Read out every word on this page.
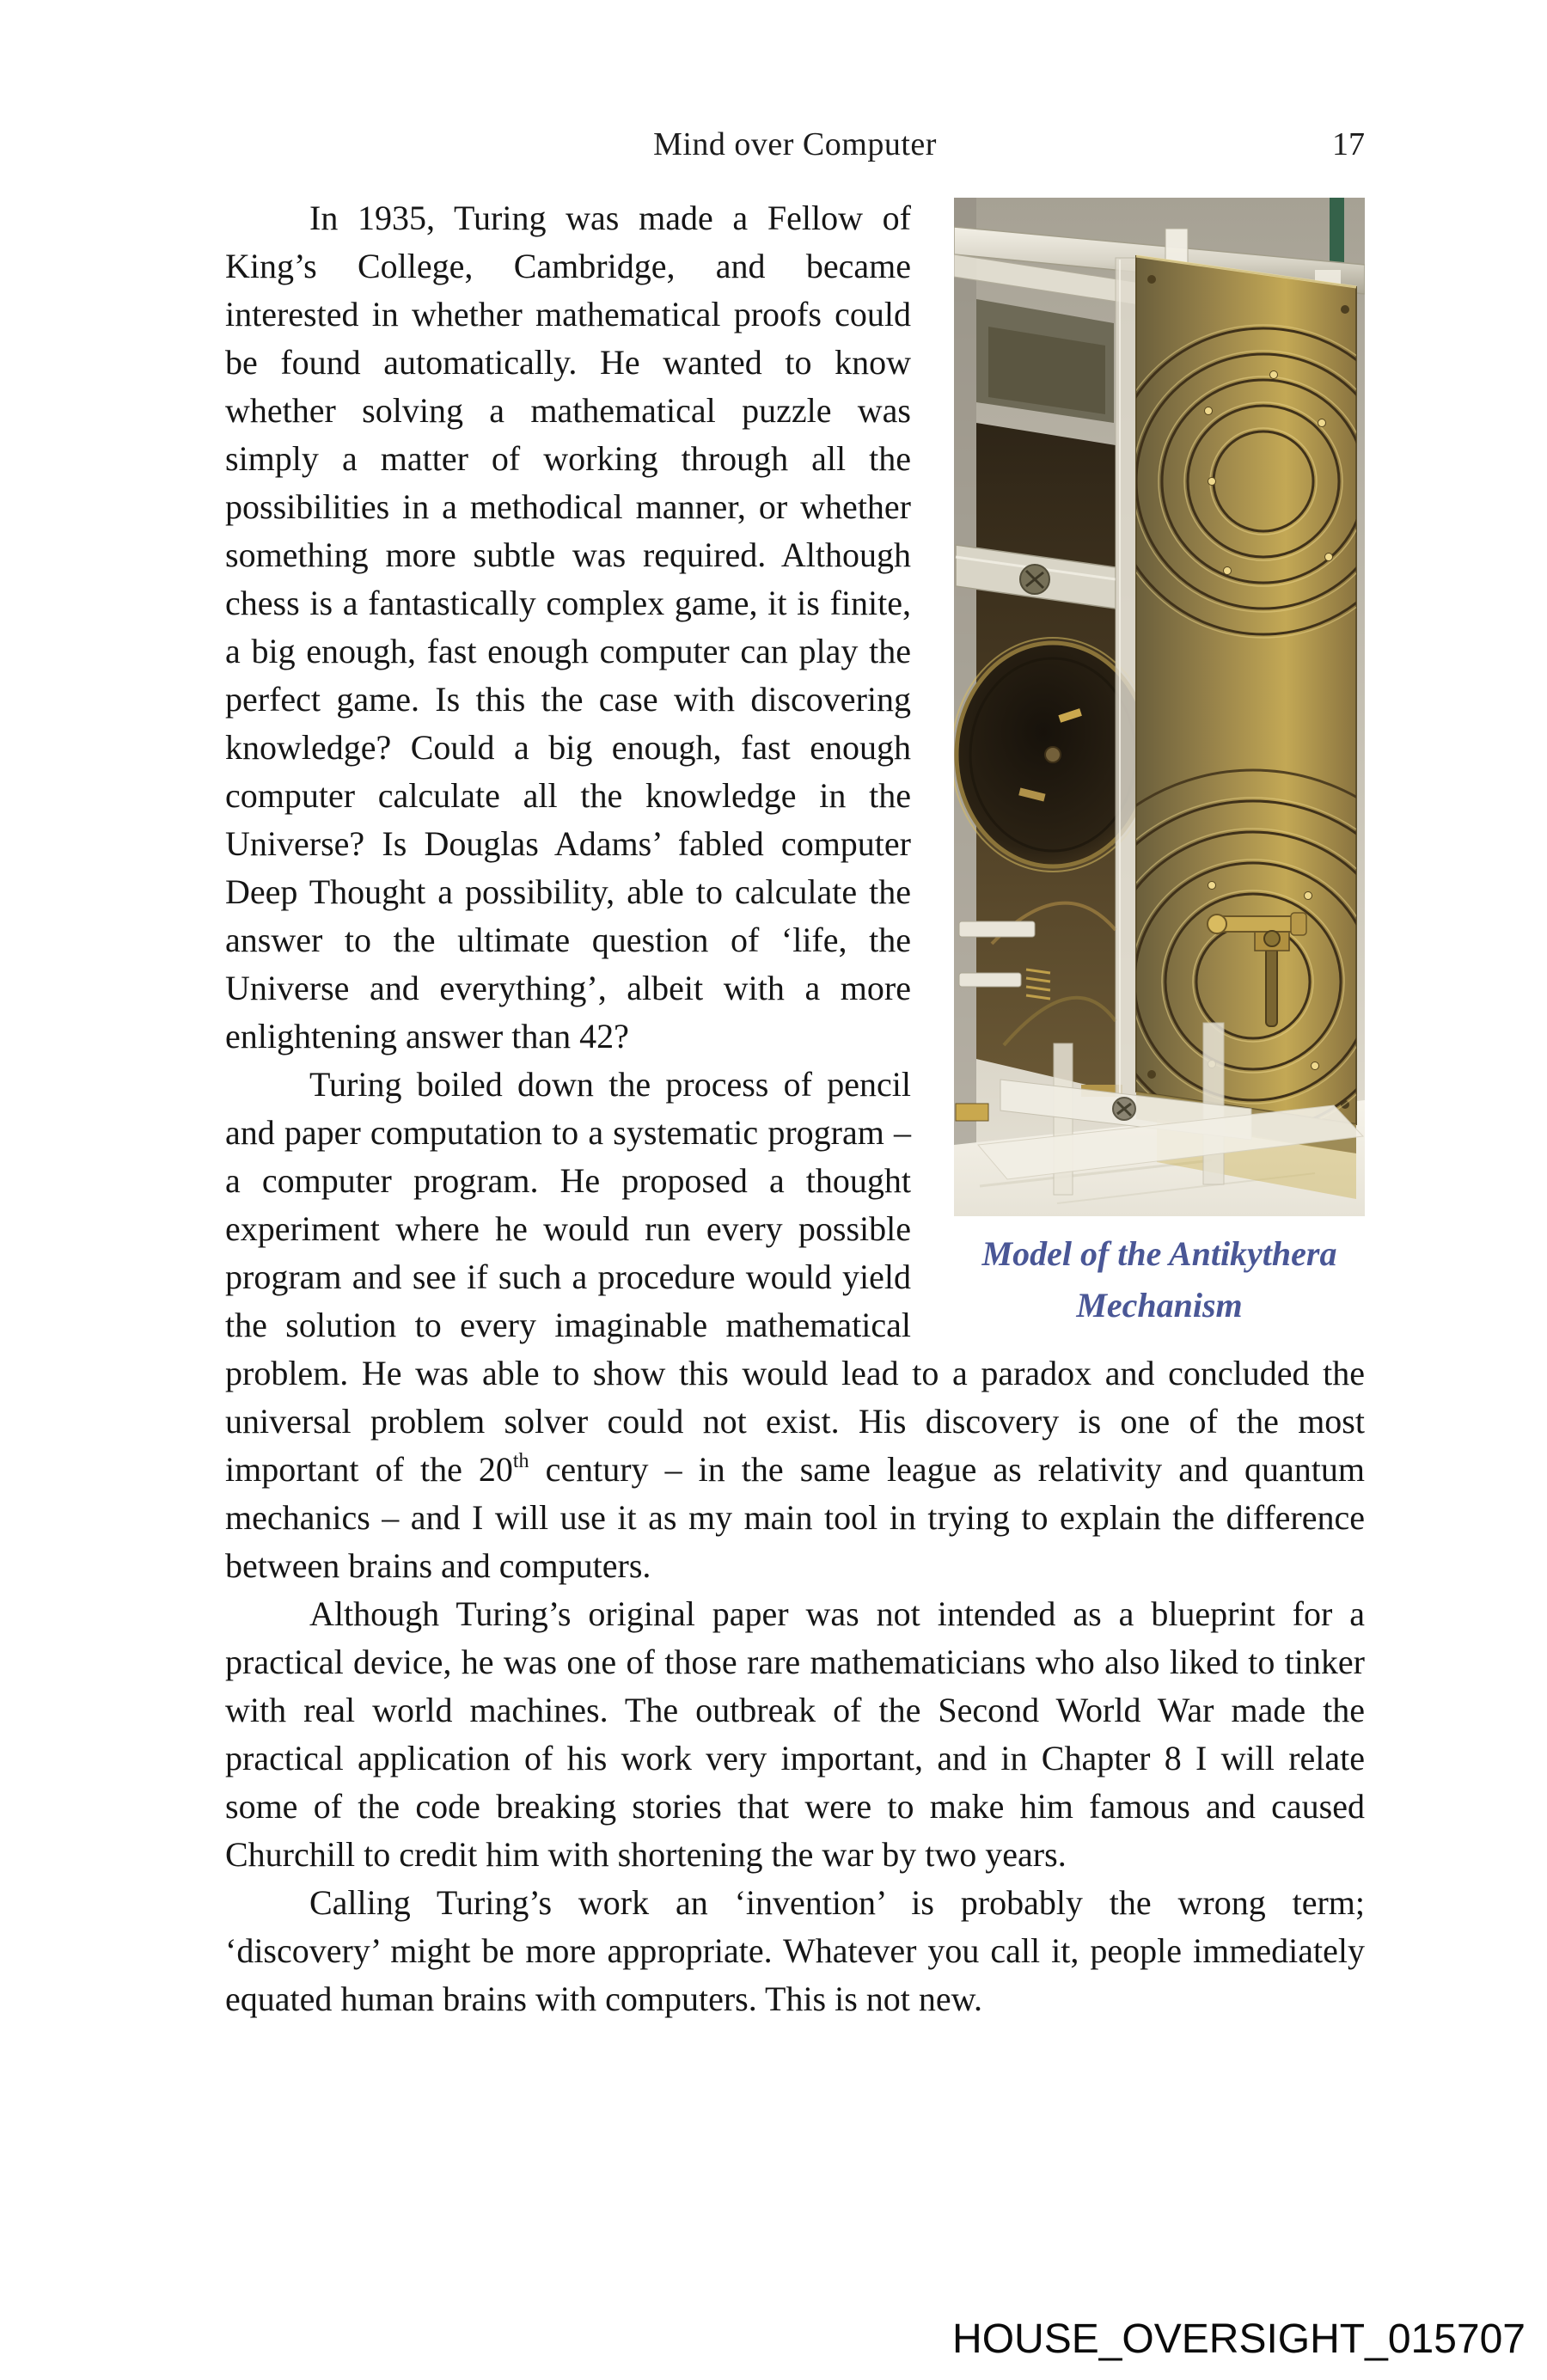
Mind over Computer	17
Model of the Antikythera
Mechanism

In 1935, Turing was made a Fellow of King’s College, Cambridge, and became interested in whether mathematical proofs could be found automatically. He wanted to know whether solving a mathematical puzzle was simply a matter of working through all the possibilities in a methodical manner, or whether something more subtle was required. Although chess is a fantastically complex game, it is finite, a big enough, fast enough computer can play the perfect game. Is this the case with discovering knowledge? Could a big enough, fast enough computer calculate all the knowledge in the Universe? Is Douglas Adams’ fabled computer Deep Thought a possibility, able to calculate the answer to the ultimate question of ‘life, the Universe and everything’, albeit with a more enlightening answer than 42?

Turing boiled down the process of pencil and paper computation to a systematic program – a computer program. He proposed a thought experiment where he would run every possible program and see if such a procedure would yield the solution to every imaginable mathematical problem. He was able to show this would lead to a paradox and concluded the universal problem solver could not exist. His discovery is one of the most important of the 20th century – in the same league as relativity and quantum mechanics – and I will use it as my main tool in trying to explain the difference between brains and computers.

Although Turing’s original paper was not intended as a blueprint for a practical device, he was one of those rare mathematicians who also liked to tinker with real world machines. The outbreak of the Second World War made the practical application of his work very important, and in Chapter 8 I will relate some of the code breaking stories that were to make him famous and caused Churchill to credit him with shortening the war by two years.

Calling Turing’s work an ‘invention’ is probably the wrong term; ‘discovery’ might be more appropriate. Whatever you call it, people immediately equated human brains with computers. This is not new.

HOUSE_OVERSIGHT_015707
